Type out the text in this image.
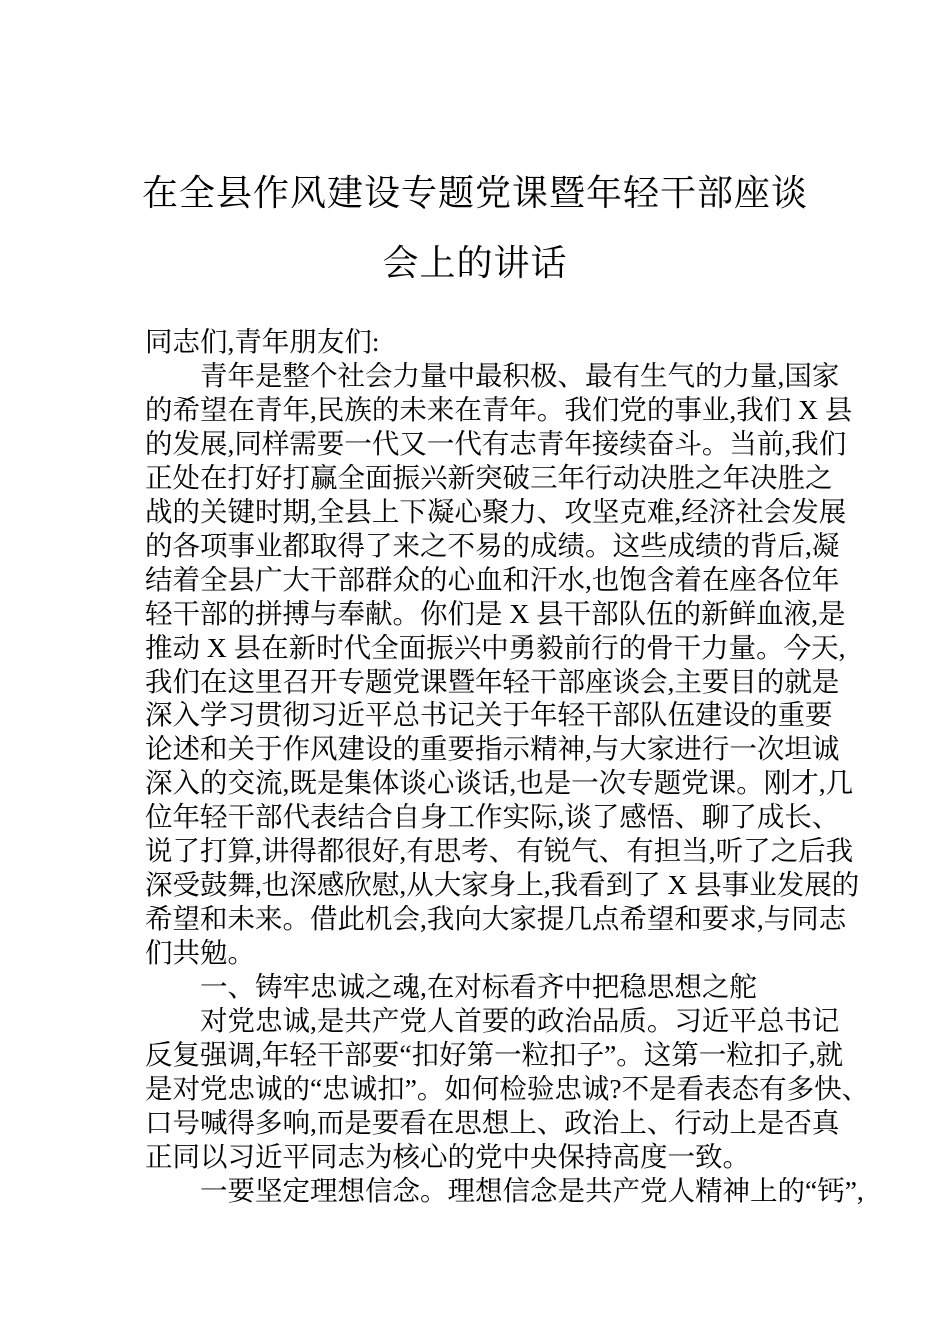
在全县作风建设专题党课暨年轻干部座谈
会上的讲话
同志们,青年朋友们:
青年是整个社会力量中最积极、最有生气的力量,国家
的希望在青年,民族的未来在青年。我们党的事业,我们 X 县
的发展,同样需要一代又一代有志青年接续奋斗。当前,我们
正处在打好打赢全面振兴新突破三年行动决胜之年决胜之
战的关键时期,全县上下凝心聚力、攻坚克难,经济社会发展
的各项事业都取得了来之不易的成绩。这些成绩的背后,凝
结着全县广大干部群众的心血和汗水,也饱含着在座各位年
轻干部的拼搏与奉献。你们是 X 县干部队伍的新鲜血液,是
推动 X 县在新时代全面振兴中勇毅前行的骨干力量。今天,
我们在这里召开专题党课暨年轻干部座谈会,主要目的就是
深入学习贯彻习近平总书记关于年轻干部队伍建设的重要
论述和关于作风建设的重要指示精神,与大家进行一次坦诚
深入的交流,既是集体谈心谈话,也是一次专题党课。刚才,几
位年轻干部代表结合自身工作实际,谈了感悟、聊了成长、
说了打算,讲得都很好,有思考、有锐气、有担当,听了之后我
深受鼓舞,也深感欣慰,从大家身上,我看到了 X 县事业发展的
希望和未来。借此机会,我向大家提几点希望和要求,与同志
们共勉。
一、铸牢忠诚之魂,在对标看齐中把稳思想之舵
对党忠诚,是共产党人首要的政治品质。习近平总书记
反复强调,年轻干部要“扣好第一粒扣子”。这第一粒扣子,就
是对党忠诚的“忠诚扣”。如何检验忠诚?不是看表态有多快、
口号喊得多响,而是要看在思想上、政治上、行动上是否真
正同以习近平同志为核心的党中央保持高度一致。
一要坚定理想信念。理想信念是共产党人精神上的“钙”,
